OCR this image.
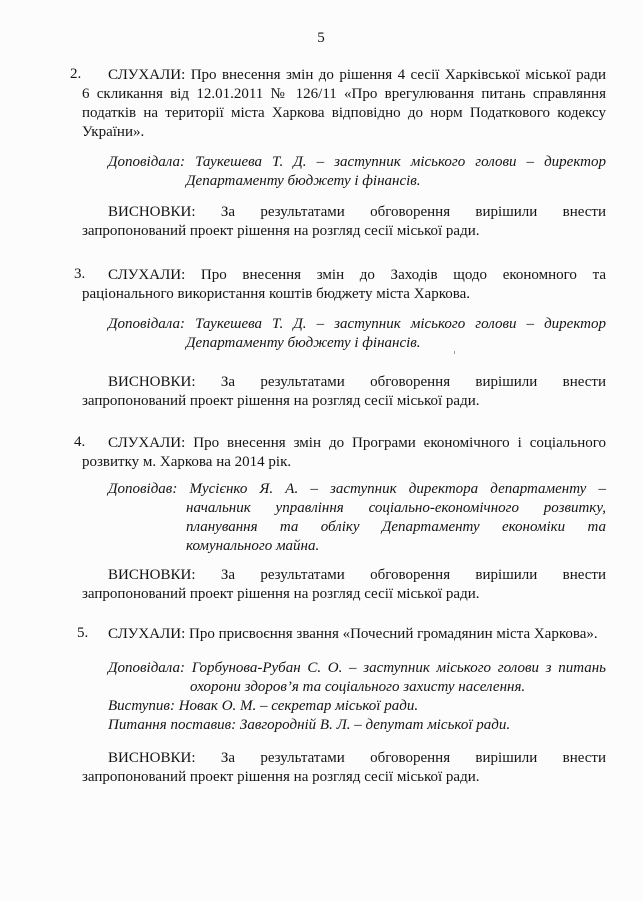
5
2. СЛУХАЛИ: Про внесення змін до рішення 4 сесії Харківської міської ради
6 скликання від 12.01.2011 № 126/11 «Про врегулювання питань справляння
податків на території міста Харкова відповідно до норм Податкового кодексу
України».
Доповідала: Таукешева Т. Д. – заступник міського голови – директор
Департаменту бюджету і фінансів.
ВИСНОВКИ: За результатами обговорення вирішили внести
запропонований проект рішення на розгляд сесії міської ради.
3. СЛУХАЛИ: Про внесення змін до Заходів щодо економного та
раціонального використання коштів бюджету міста Харкова.
Доповідала: Таукешева Т. Д. – заступник міського голови – директор
Департаменту бюджету і фінансів.
ВИСНОВКИ: За результатами обговорення вирішили внести
запропонований проект рішення на розгляд сесії міської ради.
4. СЛУХАЛИ: Про внесення змін до Програми економічного і соціального
розвитку м. Харкова на 2014 рік.
Доповідав: Мусієнко Я. А. – заступник директора департаменту –
начальник управління соціально-економічного розвитку,
планування та обліку Департаменту економіки та
комунального майна.
ВИСНОВКИ: За результатами обговорення вирішили внести
запропонований проект рішення на розгляд сесії міської ради.
5. СЛУХАЛИ: Про присвоєння звання «Почесний громадянин міста Харкова».
Доповідала: Горбунова-Рубан С. О. – заступник міського голови з питань
охорони здоров’я та соціального захисту населення.
Виступив: Новак О. М. – секретар міської ради.
Питання поставив: Завгородній В. Л. – депутат міської ради.
ВИСНОВКИ: За результатами обговорення вирішили внести
запропонований проект рішення на розгляд сесії міської ради.
